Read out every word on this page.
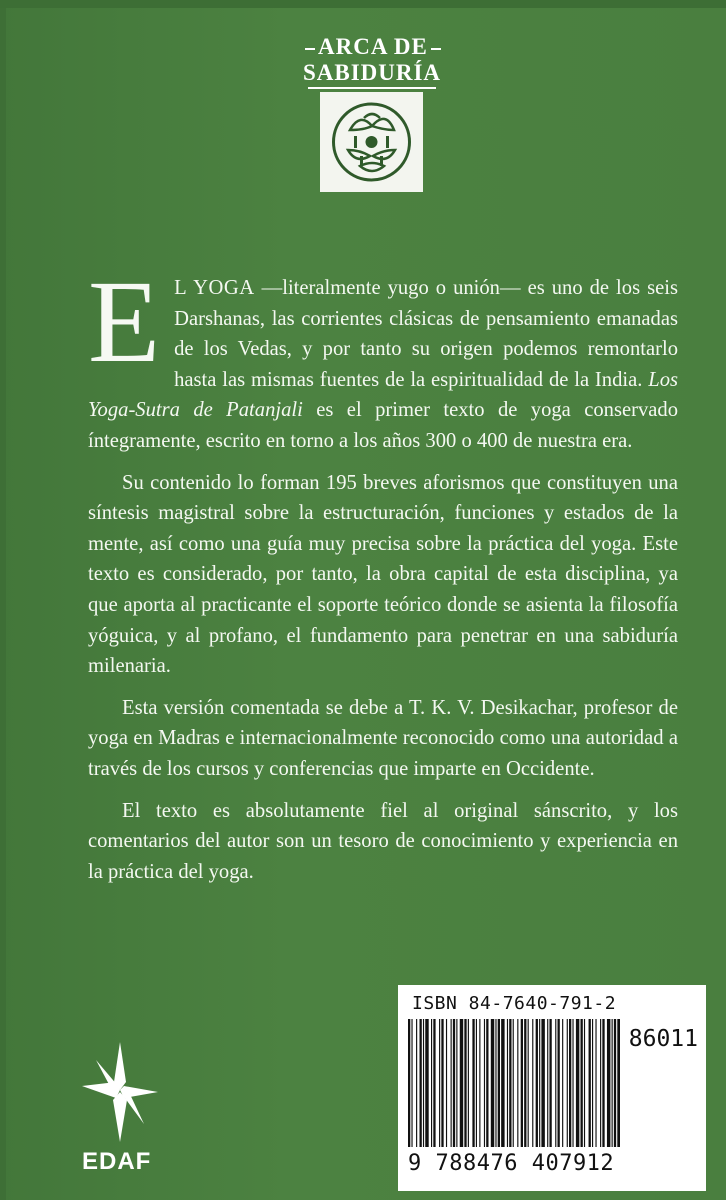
ARCA DE
SABIDURÍA

E L YOGA —literalmente yugo o unión— es uno de los seis Darshanas, las corrientes clásicas de pensamiento emanadas de los Vedas, y por tanto su origen podemos remontarlo hasta las mismas fuentes de la espiritualidad de la India. Los Yoga-Sutra de Patanjali es el primer texto de yoga conservado íntegramente, escrito en torno a los años 300 o 400 de nuestra era.

Su contenido lo forman 195 breves aforismos que constituyen una síntesis magistral sobre la estructuración, funciones y estados de la mente, así como una guía muy precisa sobre la práctica del yoga. Este texto es considerado, por tanto, la obra capital de esta disciplina, ya que aporta al practicante el soporte teórico donde se asienta la filosofía yóguica, y al profano, el fundamento para penetrar en una sabiduría milenaria.

Esta versión comentada se debe a T. K. V. Desikachar, profesor de yoga en Madras e internacionalmente reconocido como una autoridad a través de los cursos y conferencias que imparte en Occidente.

El texto es absolutamente fiel al original sánscrito, y los comentarios del autor son un tesoro de conocimiento y experiencia en la práctica del yoga.

EDAF
ISBN 84-7640-791-2
86011
9 788476 407912
